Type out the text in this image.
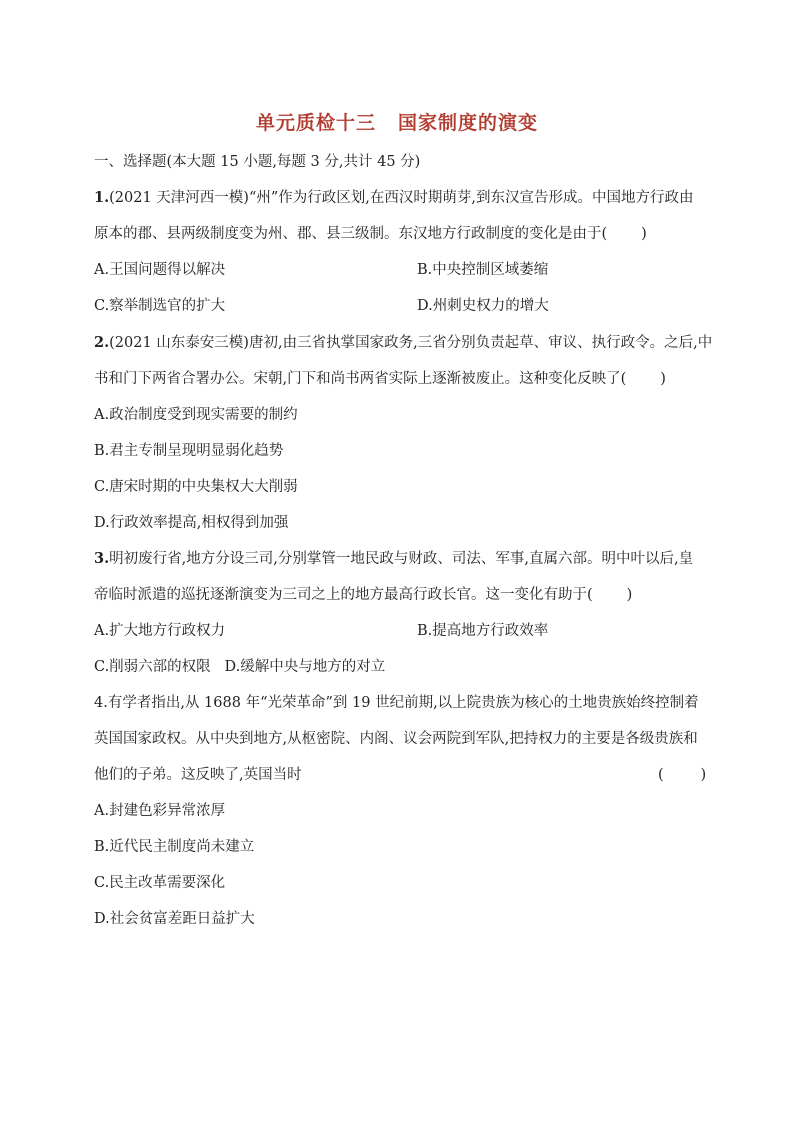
单元质检十三 国家制度的演变
一、选择题(本大题 15 小题,每题 3 分,共计 45 分)
1.(2021 天津河西一模)“州”作为行政区划,在西汉时期萌芽,到东汉宣告形成。中国地方行政由
原本的郡、县两级制度变为州、郡、县三级制。东汉地方行政制度的变化是由于( )
A.王国问题得以解决	B.中央控制区域萎缩
C.察举制选官的扩大	D.州刺史权力的增大
2.(2021 山东泰安三模)唐初,由三省执掌国家政务,三省分别负责起草、审议、执行政令。之后,中
书和门下两省合署办公。宋朝,门下和尚书两省实际上逐渐被废止。这种变化反映了( )
A.政治制度受到现实需要的制约
B.君主专制呈现明显弱化趋势
C.唐宋时期的中央集权大大削弱
D.行政效率提高,相权得到加强
3.明初废行省,地方分设三司,分别掌管一地民政与财政、司法、军事,直属六部。明中叶以后,皇
帝临时派遣的巡抚逐渐演变为三司之上的地方最高行政长官。这一变化有助于( )
A.扩大地方行政权力	B.提高地方行政效率
C.削弱六部的权限   D.缓解中央与地方的对立
4.有学者指出,从 1688 年“光荣革命”到 19 世纪前期,以上院贵族为核心的土地贵族始终控制着
英国国家政权。从中央到地方,从枢密院、内阁、议会两院到军队,把持权力的主要是各级贵族和
他们的子弟。这反映了,英国当时	(        )
A.封建色彩异常浓厚
B.近代民主制度尚未建立
C.民主改革需要深化
D.社会贫富差距日益扩大
